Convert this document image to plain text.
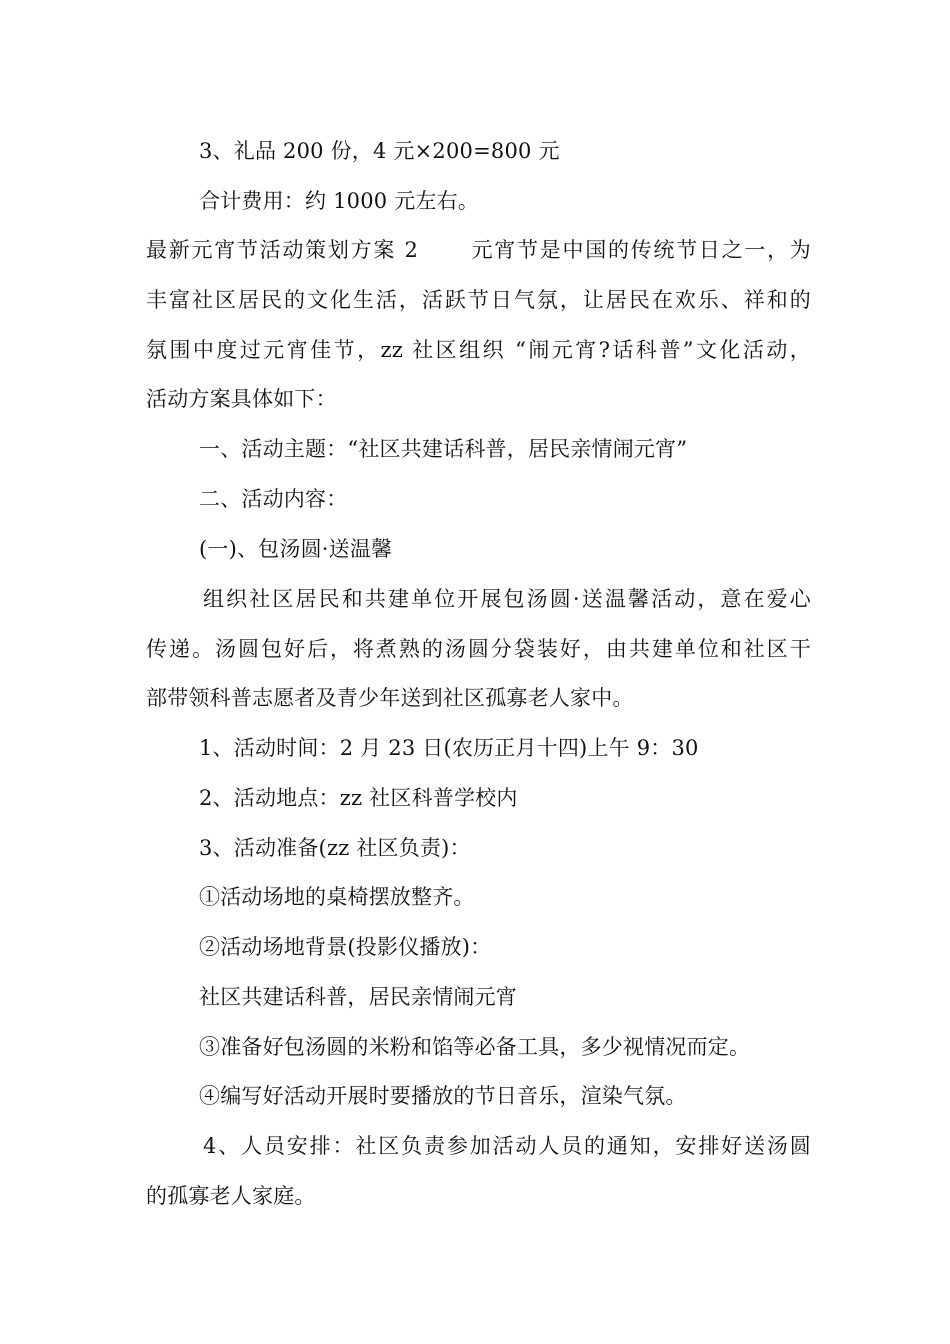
3、礼品 200 份，4 元×200=800 元
合计费用：约 1000 元左右。
最新元宵节活动策划方案 2 元宵节是中国的传统节日之一，为
丰富社区居民的文化生活，活跃节日气氛，让居民在欢乐、祥和的
氛围中度过元宵佳节，zz 社区组织 “闹元宵?话科普”文化活动，
活动方案具体如下：
一、活动主题：“社区共建话科普，居民亲情闹元宵”
二、活动内容：
(一)、包汤圆·送温馨
组织社区居民和共建单位开展包汤圆·送温馨活动，意在爱心
传递。汤圆包好后，将煮熟的汤圆分袋装好，由共建单位和社区干
部带领科普志愿者及青少年送到社区孤寡老人家中。
1、活动时间：2 月 23 日(农历正月十四)上午 9：30
2、活动地点：zz 社区科普学校内
3、活动准备(zz 社区负责)：
①活动场地的桌椅摆放整齐。
②活动场地背景(投影仪播放)：
社区共建话科普，居民亲情闹元宵
③准备好包汤圆的米粉和馅等必备工具，多少视情况而定。
④编写好活动开展时要播放的节日音乐，渲染气氛。
4、人员安排：社区负责参加活动人员的通知，安排好送汤圆
的孤寡老人家庭。
